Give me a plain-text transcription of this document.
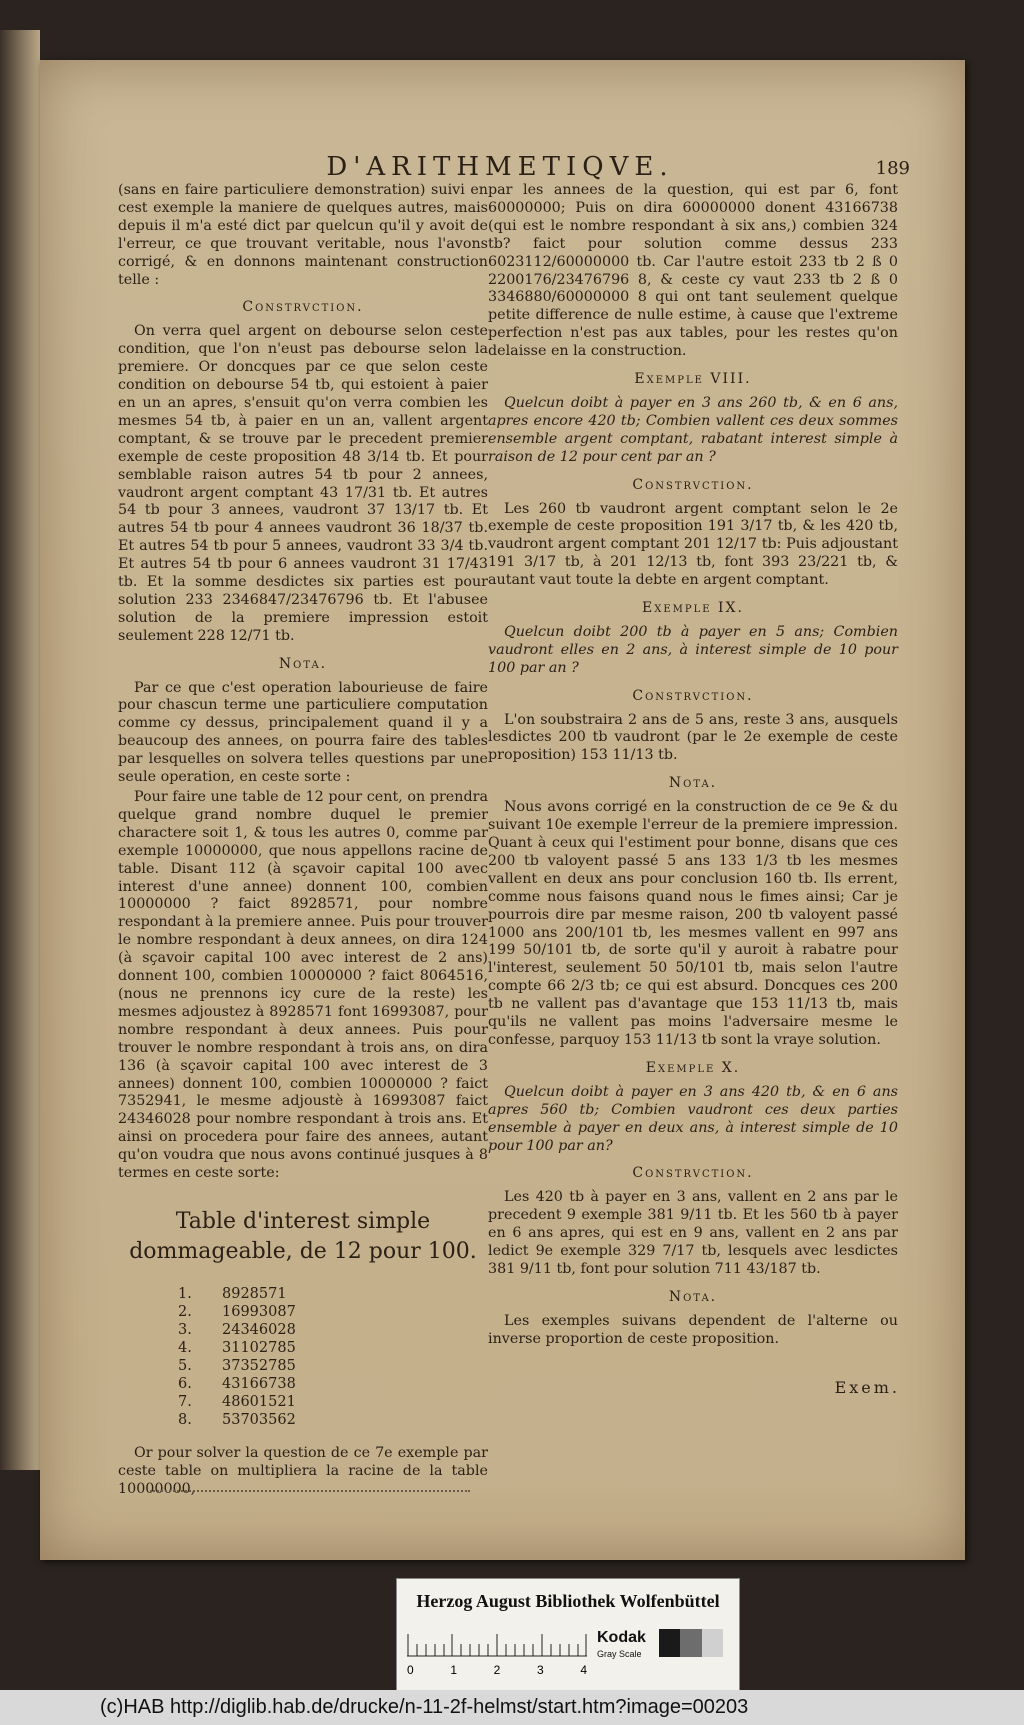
D'ARITHMETIQVE.	189

(sans en faire particuliere demonstration) suivi en cest exemple la maniere de quelques autres, mais depuis il m'a esté dict par quelcun qu'il y avoit de l'erreur, ce que trouvant veritable, nous l'avons corrigé, & en donnons maintenant construction telle :

Constrvction.

On verra quel argent on debourse selon ceste condition, que l'on n'eust pas debourse selon la premiere. Or doncques par ce que selon ceste condition on debourse 54 tb, qui estoient à paier en un an apres, s'ensuit qu'on verra combien les mesmes 54 tb, à paier en un an, vallent argent comptant, & se trouve par le precedent premier exemple de ceste proposition 48 3/14 tb. Et pour semblable raison autres 54 tb pour 2 annees, vaudront argent comptant 43 17/31 tb. Et autres 54 tb pour 3 annees, vaudront 37 13/17 tb. Et autres 54 tb pour 4 annees vaudront 36 18/37 tb. Et autres 54 tb pour 5 annees, vaudront 33 3/4 tb. Et autres 54 tb pour 6 annees vaudront 31 17/43 tb. Et la somme desdictes six parties est pour solution 233 2346847/23476796 tb. Et l'abusee solution de la premiere impression estoit seulement 228 12/71 tb.

Nota.

Par ce que c'est operation labourieuse de faire pour chascun terme une particuliere computation comme cy dessus, principalement quand il y a beaucoup des annees, on pourra faire des tables par lesquelles on solvera telles questions par une seule operation, en ceste sorte :

Pour faire une table de 12 pour cent, on prendra quelque grand nombre duquel le premier charactere soit 1, & tous les autres 0, comme par exemple 10000000, que nous appellons racine de table. Disant 112 (à sçavoir capital 100 avec interest d'une annee) donnent 100, combien 10000000 ? faict 8928571, pour nombre respondant à la premiere annee. Puis pour trouver le nombre respondant à deux annees, on dira 124 (à sçavoir capital 100 avec interest de 2 ans) donnent 100, combien 10000000 ? faict 8064516, (nous ne prennons icy cure de la reste) les mesmes adjoustez à 8928571 font 16993087, pour nombre respondant à deux annees. Puis pour trouver le nombre respondant à trois ans, on dira 136 (à sçavoir capital 100 avec interest de 3 annees) donnent 100, combien 10000000 ? faict 7352941, le mesme adjoustè à 16993087 faict 24346028 pour nombre respondant à trois ans. Et ainsi on procedera pour faire des annees, autant qu'on voudra que nous avons continué jusques à 8 termes en ceste sorte:

Table d'interest simple dommageable, de 12 pour 100.

1.	8928571
2.	16993087
3.	24346028
4.	31102785
5.	37352785
6.	43166738
7.	48601521
8.	53703562

Or pour solver la question de ce 7e exemple par ceste table on multipliera la racine de la table 10000000,

par les annees de la question, qui est par 6, font 60000000; Puis on dira 60000000 donent 43166738 (qui est le nombre respondant à six ans,) combien 324 tb? faict pour solution comme dessus 233 6023112/60000000 tb. Car l'autre estoit 233 tb 2 ß 0 2200176/23476796 8, & ceste cy vaut 233 tb 2 ß 0 3346880/60000000 8 qui ont tant seulement quelque petite difference de nulle estime, à cause que l'extreme perfection n'est pas aux tables, pour les restes qu'on delaisse en la construction.

Exemple VIII.

Quelcun doibt à payer en 3 ans 260 tb, & en 6 ans, apres encore 420 tb; Combien vallent ces deux sommes ensemble argent comptant, rabatant interest simple à raison de 12 pour cent par an ?

Constrvction.

Les 260 tb vaudront argent comptant selon le 2e exemple de ceste proposition 191 3/17 tb, & les 420 tb, vaudront argent comptant 201 12/17 tb: Puis adjoustant 191 3/17 tb, à 201 12/13 tb, font 393 23/221 tb, & autant vaut toute la debte en argent comptant.

Exemple IX.

Quelcun doibt 200 tb à payer en 5 ans; Combien vaudront elles en 2 ans, à interest simple de 10 pour 100 par an ?

Constrvction.

L'on soubstraira 2 ans de 5 ans, reste 3 ans, ausquels lesdictes 200 tb vaudront (par le 2e exemple de ceste proposition) 153 11/13 tb.

Nota.

Nous avons corrigé en la construction de ce 9e & du suivant 10e exemple l'erreur de la premiere impression. Quant à ceux qui l'estiment pour bonne, disans que ces 200 tb valoyent passé 5 ans 133 1/3 tb les mesmes vallent en deux ans pour conclusion 160 tb. Ils errent, comme nous faisons quand nous le fimes ainsi; Car je pourrois dire par mesme raison, 200 tb valoyent passé 1000 ans 200/101 tb, les mesmes vallent en 997 ans 199 50/101 tb, de sorte qu'il y auroit à rabatre pour l'interest, seulement 50 50/101 tb, mais selon l'autre compte 66 2/3 tb; ce qui est absurd. Doncques ces 200 tb ne vallent pas d'avantage que 153 11/13 tb, mais qu'ils ne vallent pas moins l'adversaire mesme le confesse, parquoy 153 11/13 tb sont la vraye solution.

Exemple X.

Quelcun doibt à payer en 3 ans 420 tb, & en 6 ans apres 560 tb; Combien vaudront ces deux parties ensemble à payer en deux ans, à interest simple de 10 pour 100 par an?

Constrvction.

Les 420 tb à payer en 3 ans, vallent en 2 ans par le precedent 9 exemple 381 9/11 tb. Et les 560 tb à payer en 6 ans apres, qui est en 9 ans, vallent en 2 ans par ledict 9e exemple 329 7/17 tb, lesquels avec lesdictes 381 9/11 tb, font pour solution 711 43/187 tb.

Nota.

Les exemples suivans dependent de l'alterne ou inverse proportion de ceste proposition.

Exem.
Herzog August Bibliothek Wolfenbüttel
0	1	2	3	4
Kodak
Gray Scale
(c)HAB http://diglib.hab.de/drucke/n-11-2f-helmst/start.htm?image=00203
